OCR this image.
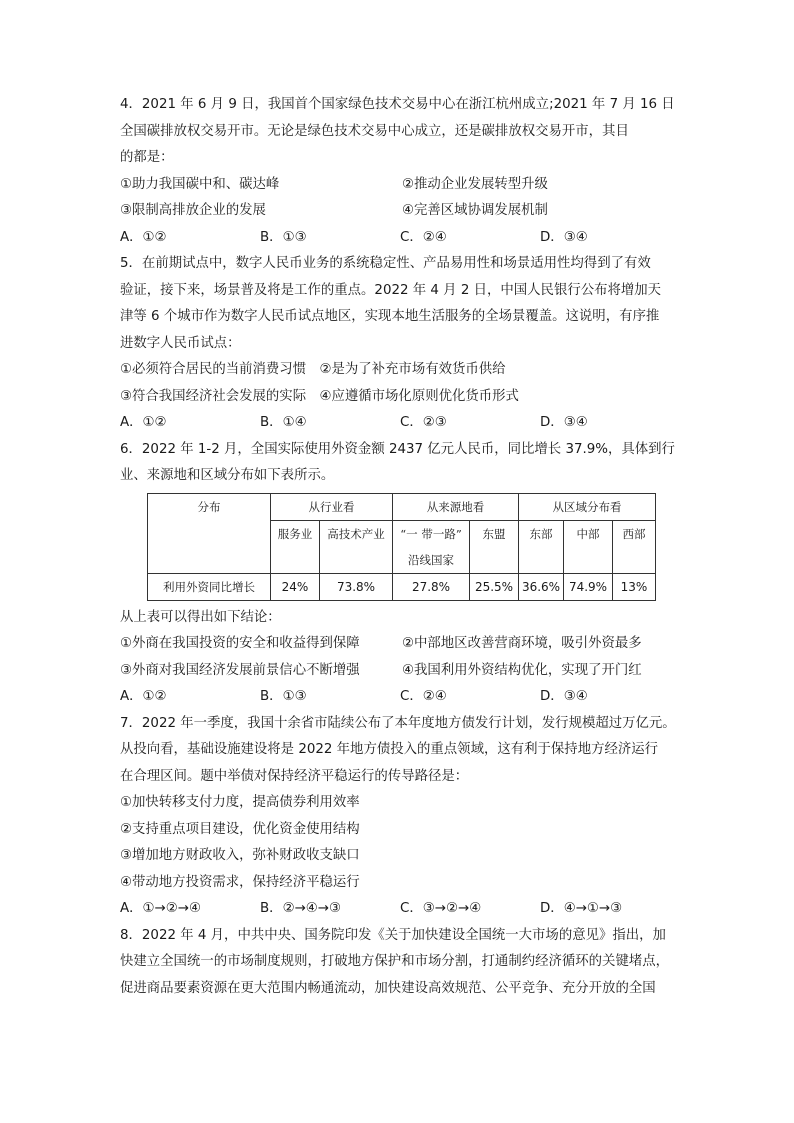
4．2021 年 6 月 9 日，我国首个国家绿色技术交易中心在浙江杭州成立;2021 年 7 月 16 日

全国碳排放权交易开市。无论是绿色技术交易中心成立，还是碳排放权交易开市，其目

的都是：

①助力我国碳中和、碳达峰	②推动企业发展转型升级
③限制高排放企业的发展	④完善区域协调发展机制
A．①②	B．①③	C．②④	D．③④

5．在前期试点中，数字人民币业务的系统稳定性、产品易用性和场景适用性均得到了有效

验证，接下来，场景普及将是工作的重点。2022 年 4 月 2 日，中国人民银行公布将增加天

津等 6 个城市作为数字人民币试点地区，实现本地生活服务的全场景覆盖。这说明，有序推

进数字人民币试点：

①必须符合居民的当前消费习惯　②是为了补充市场有效货币供给

③符合我国经济社会发展的实际　④应遵循市场化原则优化货币形式

A．①②	B．①④	C．②③	D．③④

6．2022 年 1-2 月，全国实际使用外资金额 2437 亿元人民币，同比增长 37.9%，具体到行

业、来源地和区域分布如下表所示。

分布	从行业看		从来源地看		从区域分布看		
	服务业	高技术产业	“一 带一路”
沿线国家	东盟	东部	中部	西部
利用外资同比增长	24%	73.8%	27.8%	25.5%	36.6%	74.9%	13%

从上表可以得出如下结论：

①外商在我国投资的安全和收益得到保障	②中部地区改善营商环境，吸引外资最多
③外商对我国经济发展前景信心不断增强	④我国利用外资结构优化，实现了开门红
A．①②	B．①③	C．②④	D．③④

7．2022 年一季度，我国十余省市陆续公布了本年度地方债发行计划，发行规模超过万亿元。

从投向看，基础设施建设将是 2022 年地方债投入的重点领域，这有利于保持地方经济运行

在合理区间。题中举债对保持经济平稳运行的传导路径是：

①加快转移支付力度，提高债券利用效率

②支持重点项目建设，优化资金使用结构

③增加地方财政收入，弥补财政收支缺口

④带动地方投资需求，保持经济平稳运行

A．①→②→④	B．②→④→③	C．③→②→④	D．④→①→③

8．2022 年 4 月，中共中央、国务院印发《关于加快建设全国统一大市场的意见》指出，加

快建立全国统一的市场制度规则，打破地方保护和市场分割，打通制约经济循环的关键堵点，

促进商品要素资源在更大范围内畅通流动，加快建设高效规范、公平竞争、充分开放的全国
